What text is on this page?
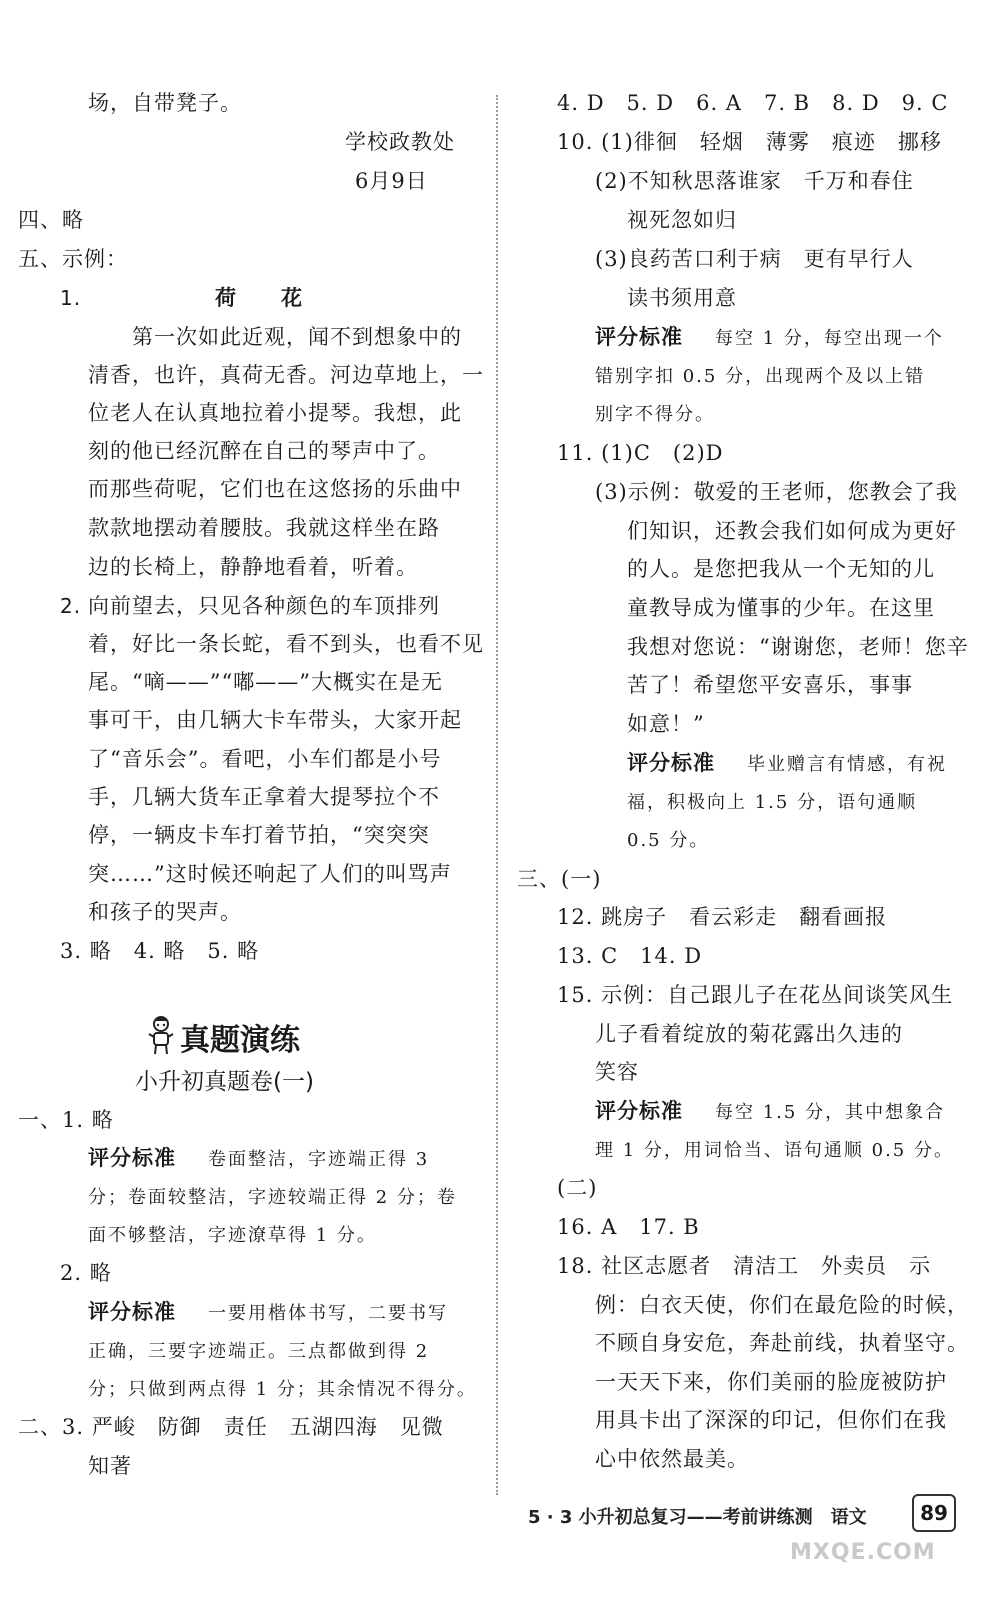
场，自带凳子。
学校政教处
6月9日
四、略
五、示例：
1.	荷　　花
第一次如此近观，闻不到想象中的
清香，也许，真荷无香。河边草地上，一
位老人在认真地拉着小提琴。我想，此
刻的他已经沉醉在自己的琴声中了。
而那些荷呢，它们也在这悠扬的乐曲中
款款地摆动着腰肢。我就这样坐在路
边的长椅上，静静地看着，听着。
2. 向前望去，只见各种颜色的车顶排列
着，好比一条长蛇，看不到头，也看不见
尾。“嘀——”“嘟——”大概实在是无
事可干，由几辆大卡车带头，大家开起
了“音乐会”。看吧，小车们都是小号
手，几辆大货车正拿着大提琴拉个不
停，一辆皮卡车打着节拍，“突突突
突……”这时候还响起了人们的叫骂声
和孩子的哭声。
3. 略　4. 略　5. 略
真题演练
小升初真题卷(一)
一、1. 略
评分标准 卷面整洁，字迹端正得 3
分；卷面较整洁，字迹较端正得 2 分；卷
面不够整洁，字迹潦草得 1 分。
2. 略
评分标准 一要用楷体书写，二要书写
正确，三要字迹端正。三点都做到得 2
分；只做到两点得 1 分；其余情况不得分。
二、3. 严峻　防御　责任　五湖四海　见微
知著
4. D　5. D　6. A　7. B　8. D　9. C
10. (1)徘徊　轻烟　薄雾　痕迹　挪移
(2)不知秋思落谁家　千万和春住
视死忽如归
(3)良药苦口利于病　更有早行人
读书须用意
评分标准 每空 1 分，每空出现一个
错别字扣 0.5 分，出现两个及以上错
别字不得分。
11. (1)C　(2)D
(3)示例：敬爱的王老师，您教会了我
们知识，还教会我们如何成为更好
的人。是您把我从一个无知的儿
童教导成为懂事的少年。在这里
我想对您说：“谢谢您，老师！您辛
苦了！希望您平安喜乐，事事
如意！”
评分标准 毕业赠言有情感，有祝
福，积极向上 1.5 分，语句通顺
0.5 分。
三、(一)
12. 跳房子　看云彩走　翻看画报
13. C　14. D
15. 示例：自己跟儿子在花丛间谈笑风生
儿子看着绽放的菊花露出久违的
笑容
评分标准 每空 1.5 分，其中想象合
理 1 分，用词恰当、语句通顺 0.5 分。
(二)
16. A　17. B
18. 社区志愿者　清洁工　外卖员　示
例：白衣天使，你们在最危险的时候，
不顾自身安危，奔赴前线，执着坚守。
一天天下来，你们美丽的脸庞被防护
用具卡出了深深的印记，但你们在我
心中依然最美。
5 · 3 小升初总复习——考前讲练测　语文	89
MXQE.COM
